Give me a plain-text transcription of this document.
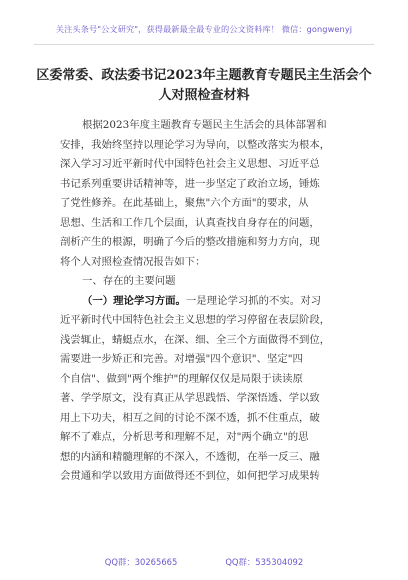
关注头条号"公文研究"，获得最新最全最专业的公文资料库！ 微信：gongwenyj
区委常委、政法委书记2023年主题教育专题民主生活会个
人对照检查材料
根据2023年度主题教育专题民主生活会的具体部署和
安排，我始终坚持以理论学习为导向，以整改落实为根本，
深入学习习近平新时代中国特色社会主义思想、习近平总
书记系列重要讲话精神等，进一步坚定了政治立场，锤炼
了党性修养。在此基础上，聚焦"六个方面"的要求，从
思想、生活和工作几个层面，认真查找自身存在的问题，
剖析产生的根源，明确了今后的整改措施和努力方向，现
将个人对照检查情况报告如下：
一、存在的主要问题
（一）理论学习方面。一是理论学习抓的不实。对习
近平新时代中国特色社会主义思想的学习停留在表层阶段，
浅尝辄止，蜻蜓点水，在深、细、全三个方面做得不到位，
需要进一步矫正和完善。对增强"四个意识"、坚定"四
个自信"、做到"两个维护"的理解仅仅是局限于读读原
著、学学原文，没有真正从学思践悟、学深悟透、学以致
用上下功夫，相互之间的讨论不深不透，抓不住重点，破
解不了难点，分析思考和理解不足，对"两个确立"的思
想的内涵和精髓理解的不深入，不透彻，在举一反三、融
会贯通和学以致用方面做得还不到位，如何把学习成果转
QQ群：30265665	QQ群：535304092
